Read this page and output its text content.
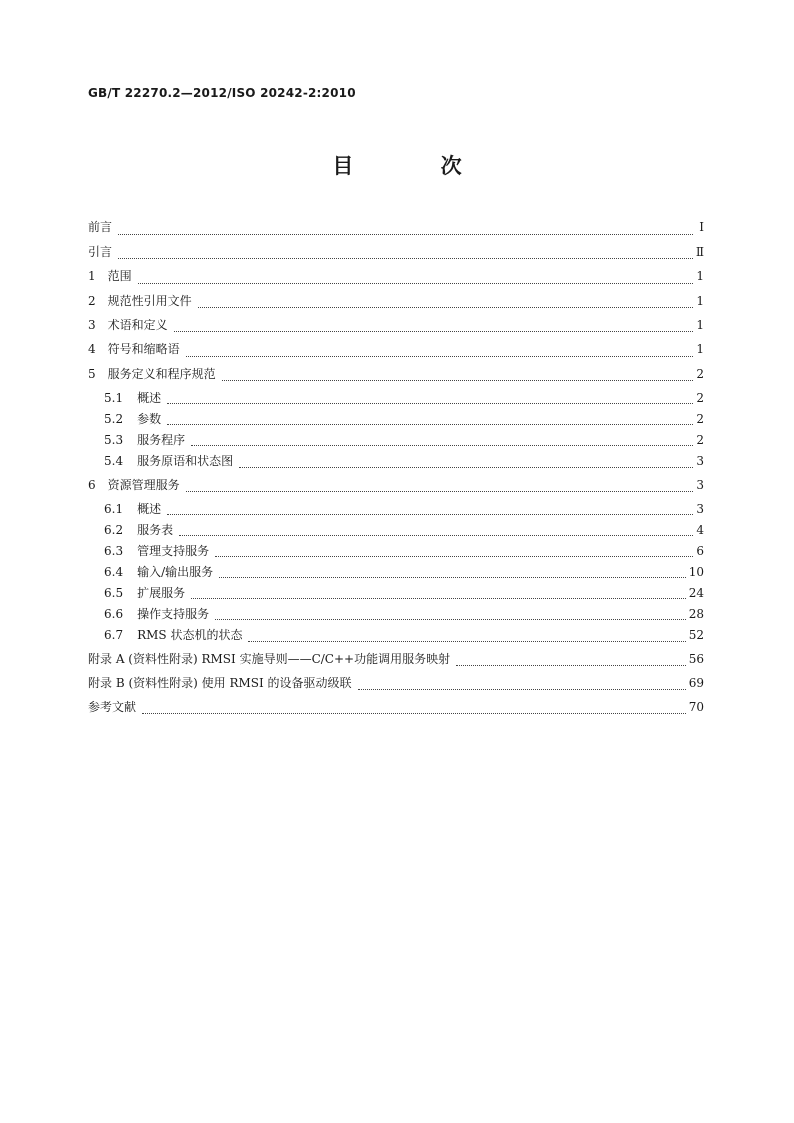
GB/T 22270.2—2012/ISO 20242-2:2010
目 次
前言	Ⅰ
引言	Ⅱ
1 范围	1
2 规范性引用文件	1
3 术语和定义	1
4 符号和缩略语	1
5 服务定义和程序规范	2
5.1 概述	2
5.2 参数	2
5.3 服务程序	2
5.4 服务原语和状态图	3
6 资源管理服务	3
6.1 概述	3
6.2 服务表	4
6.3 管理支持服务	6
6.4 输入/输出服务	10
6.5 扩展服务	24
6.6 操作支持服务	28
6.7 RMS 状态机的状态	52
附录 A (资料性附录) RMSI 实施导则——C/C++功能调用服务映射	56
附录 B (资料性附录) 使用 RMSI 的设备驱动级联	69
参考文献	70
